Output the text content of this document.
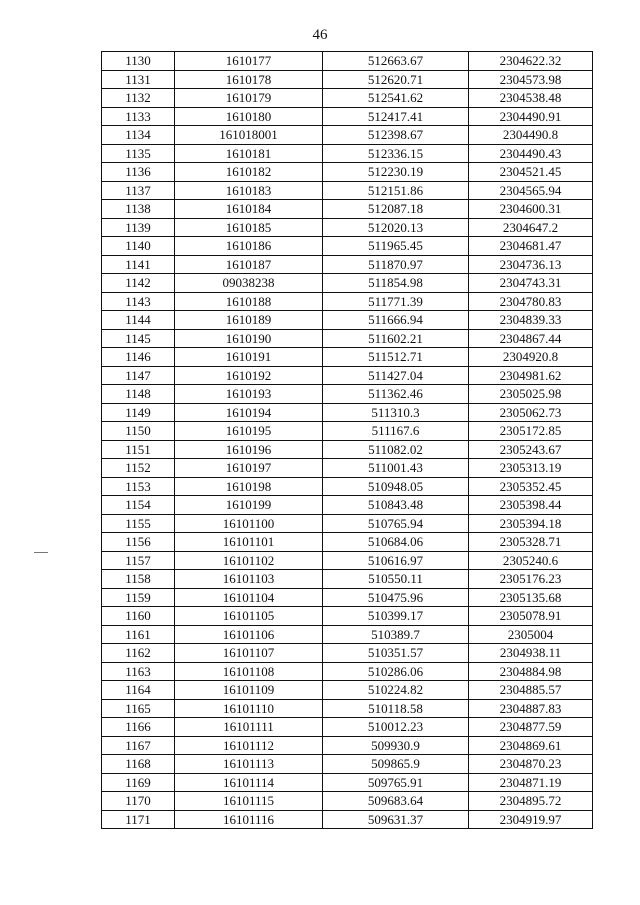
46
1130	1610177	512663.67	2304622.32
1131	1610178	512620.71	2304573.98
1132	1610179	512541.62	2304538.48
1133	1610180	512417.41	2304490.91
1134	161018001	512398.67	2304490.8
1135	1610181	512336.15	2304490.43
1136	1610182	512230.19	2304521.45
1137	1610183	512151.86	2304565.94
1138	1610184	512087.18	2304600.31
1139	1610185	512020.13	2304647.2
1140	1610186	511965.45	2304681.47
1141	1610187	511870.97	2304736.13
1142	09038238	511854.98	2304743.31
1143	1610188	511771.39	2304780.83
1144	1610189	511666.94	2304839.33
1145	1610190	511602.21	2304867.44
1146	1610191	511512.71	2304920.8
1147	1610192	511427.04	2304981.62
1148	1610193	511362.46	2305025.98
1149	1610194	511310.3	2305062.73
1150	1610195	511167.6	2305172.85
1151	1610196	511082.02	2305243.67
1152	1610197	511001.43	2305313.19
1153	1610198	510948.05	2305352.45
1154	1610199	510843.48	2305398.44
1155	16101100	510765.94	2305394.18
1156	16101101	510684.06	2305328.71
1157	16101102	510616.97	2305240.6
1158	16101103	510550.11	2305176.23
1159	16101104	510475.96	2305135.68
1160	16101105	510399.17	2305078.91
1161	16101106	510389.7	2305004
1162	16101107	510351.57	2304938.11
1163	16101108	510286.06	2304884.98
1164	16101109	510224.82	2304885.57
1165	16101110	510118.58	2304887.83
1166	16101111	510012.23	2304877.59
1167	16101112	509930.9	2304869.61
1168	16101113	509865.9	2304870.23
1169	16101114	509765.91	2304871.19
1170	16101115	509683.64	2304895.72
1171	16101116	509631.37	2304919.97
